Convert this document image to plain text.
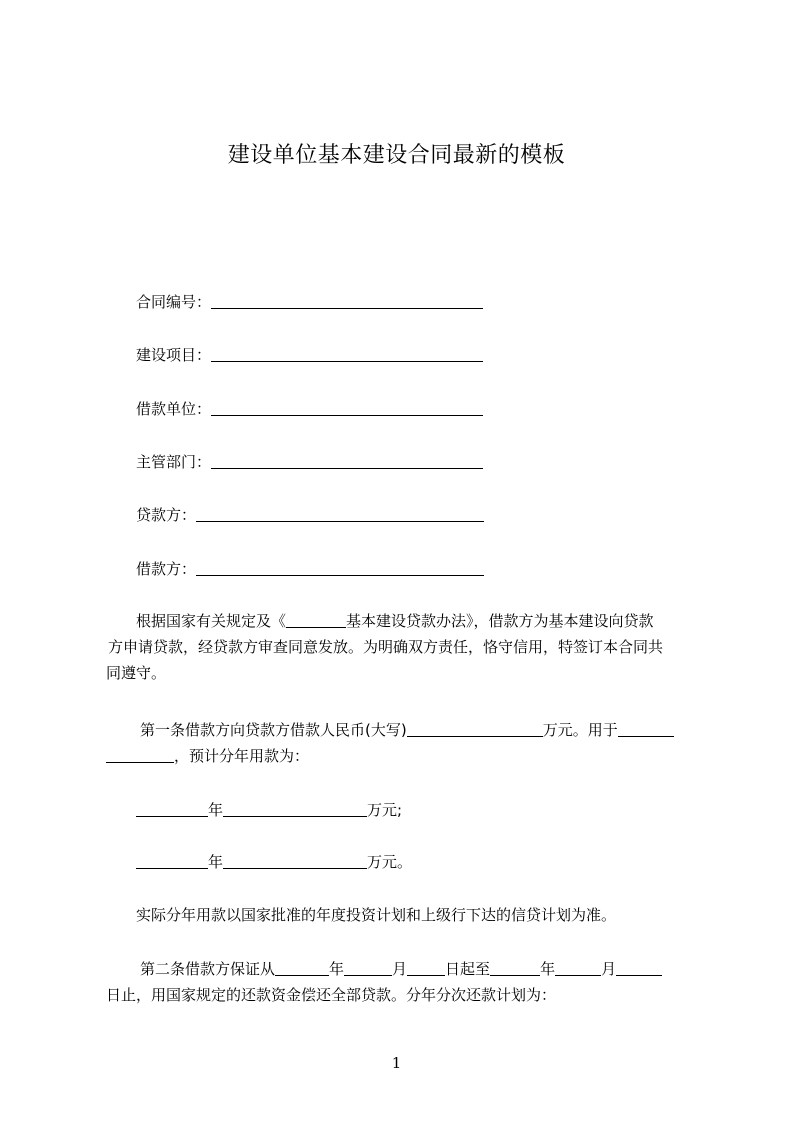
建设单位基本建设合同最新的模板
合同编号：
建设项目：
借款单位：
主管部门：
贷款方：
借款方：
根据国家有关规定及《	基本建设贷款办法》，借款方为基本建设向贷款
方申请贷款，经贷款方审查同意发放。为明确双方责任，恪守信用，特签订本合同共
同遵守。
第一条借款方向贷款方借款人民币(大写)	万元。用于
，预计分年用款为：
年	万元;
年	万元。
实际分年用款以国家批准的年度投资计划和上级行下达的信贷计划为准。
第二条借款方保证从	年	月	日起至	年	月
日止，用国家规定的还款资金偿还全部贷款。分年分次还款计划为：
1
